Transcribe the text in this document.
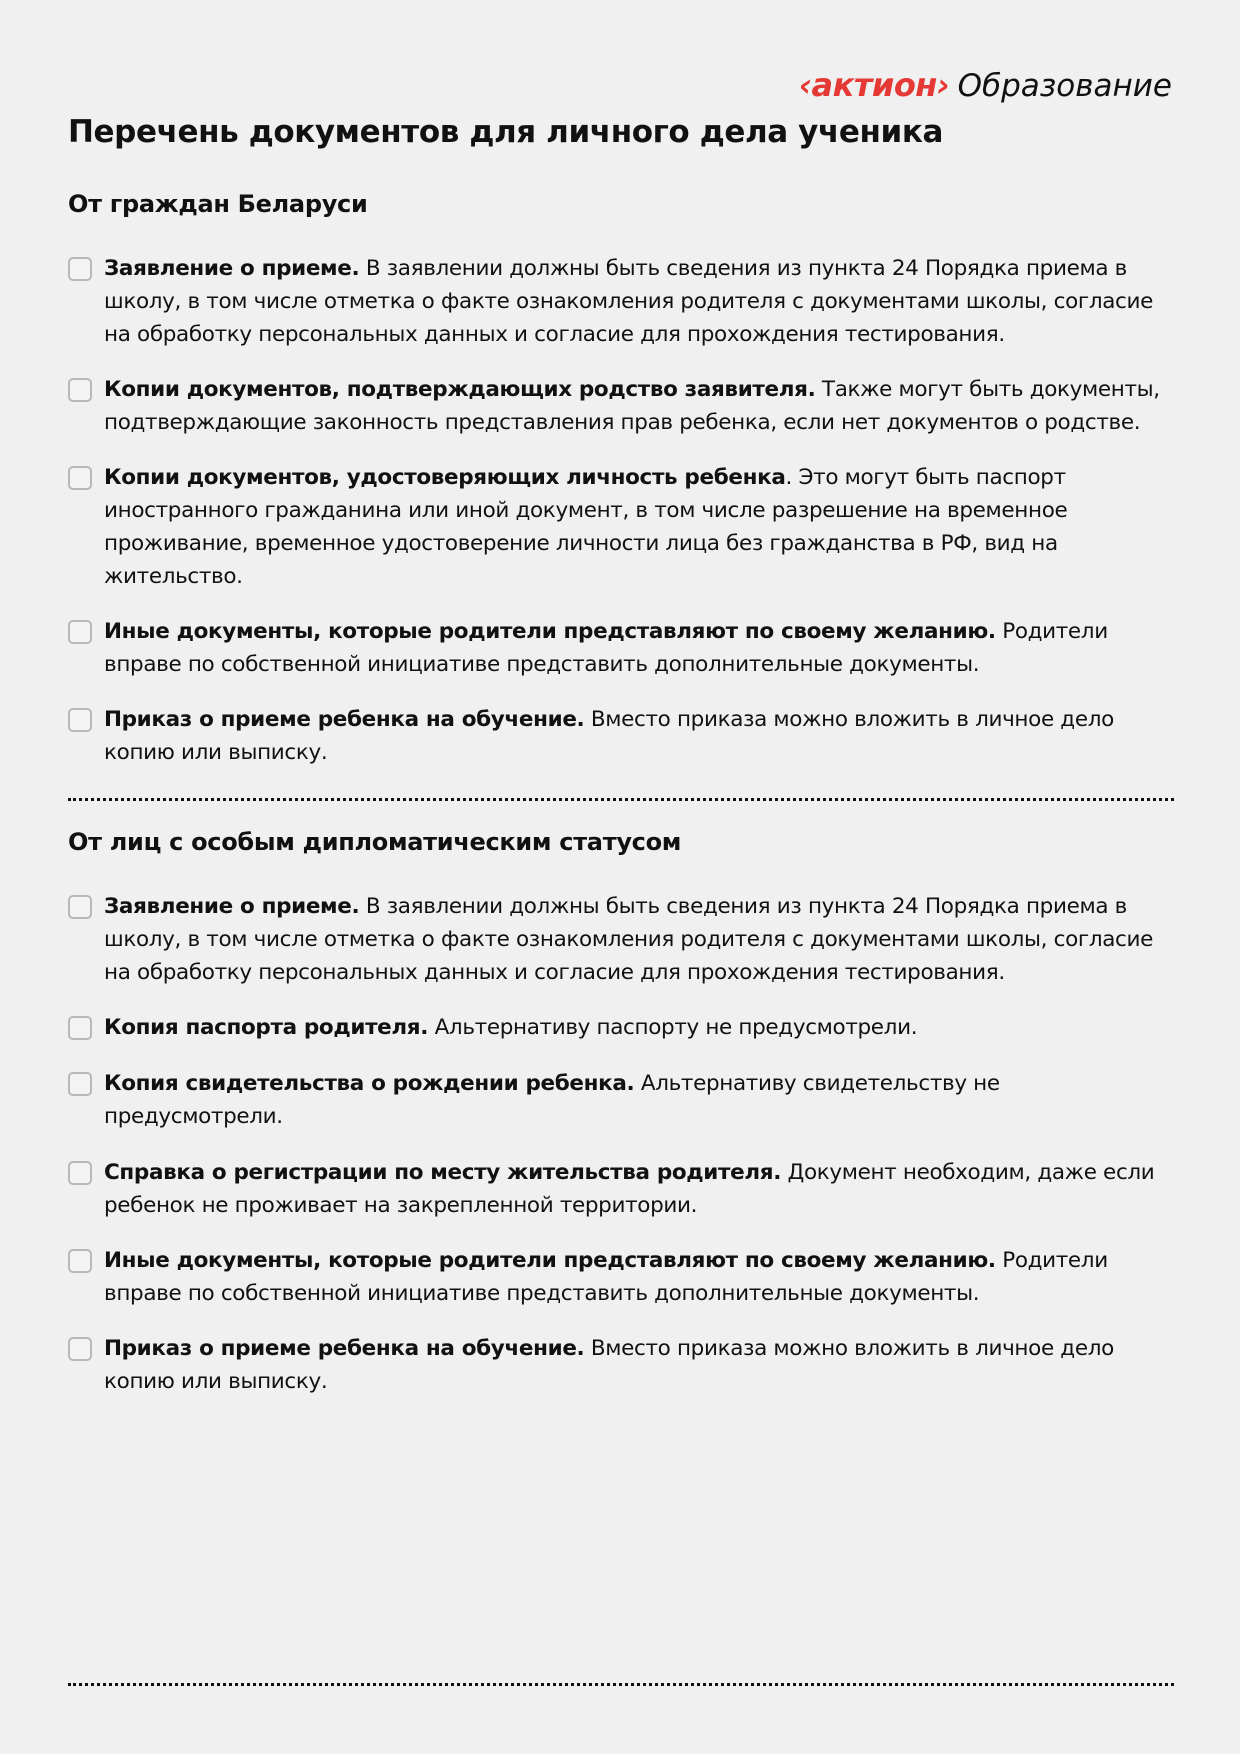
‹актион› Образование
Перечень документов для личного дела ученика
От граждан Беларуси
Заявление о приеме. В заявлении должны быть сведения из пункта 24 Порядка приема в школу, в том числе отметка о факте ознакомления родителя с документами школы, согласие на обработку персональных данных и согласие для прохождения тестирования.
Копии документов, подтверждающих родство заявителя. Также могут быть документы, подтверждающие законность представления прав ребенка, если нет документов о родстве.
Копии документов, удостоверяющих личность ребенка. Это могут быть паспорт иностранного гражданина или иной документ, в том числе разрешение на временное проживание, временное удостоверение личности лица без гражданства в РФ, вид на жительство.
Иные документы, которые родители представляют по своему желанию. Родители вправе по собственной инициативе представить дополнительные документы.
Приказ о приеме ребенка на обучение. Вместо приказа можно вложить в личное дело копию или выписку.
От лиц с особым дипломатическим статусом
Заявление о приеме. В заявлении должны быть сведения из пункта 24 Порядка приема в школу, в том числе отметка о факте ознакомления родителя с документами школы, согласие на обработку персональных данных и согласие для прохождения тестирования.
Копия паспорта родителя. Альтернативу паспорту не предусмотрели.
Копия свидетельства о рождении ребенка. Альтернативу свидетельству не предусмотрели.
Справка о регистрации по месту жительства родителя. Документ необходим, даже если ребенок не проживает на закрепленной территории.
Иные документы, которые родители представляют по своему желанию. Родители вправе по собственной инициативе представить дополнительные документы.
Приказ о приеме ребенка на обучение. Вместо приказа можно вложить в личное дело копию или выписку.
